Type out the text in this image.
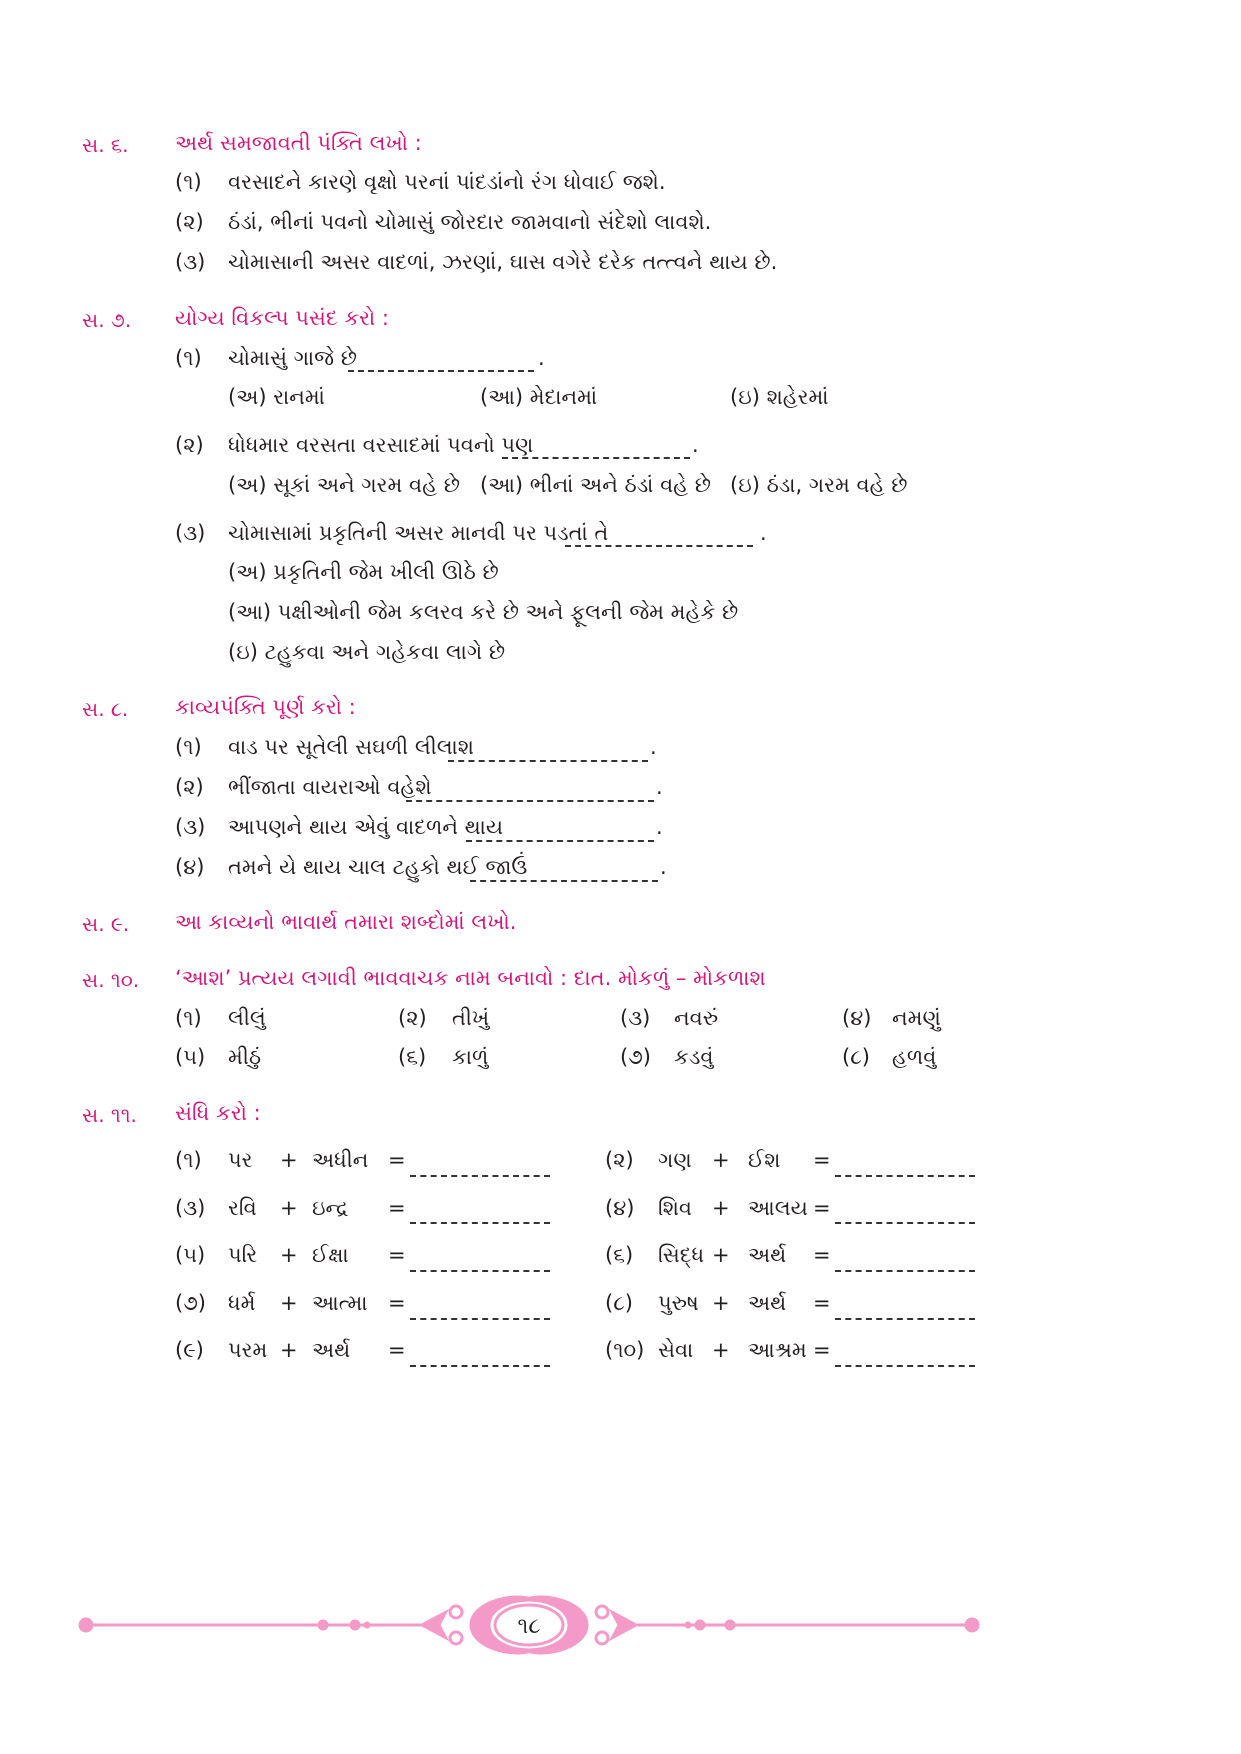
સ. ૬. અર્થ સમજાવતી પંક્તિ લખો :
(૧) વરસાદને કારણે વૃક્ષો પરનાં પાંદડાંનો રંગ ધોવાઈ જશે.
(૨) ઠંડાં, ભીનાં પવનો ચોમાસું જોરદાર જામવાનો સંદેશો લાવશે.
(૩) ચોમાસાની અસર વાદળાં, ઝરણાં, ઘાસ વગેરે દરેક તત્ત્વને થાય છે.
સ. ૭. યોગ્ય વિકલ્પ પસંદ કરો :
(૧) ચોમાસું ગાજે છે	.
(અ) રાનમાં	(આ) મેદાનમાં	(ઇ) શહેરમાં
(૨) ધોધમાર વરસતા વરસાદમાં પવનો પણ	.
(અ) સૂકાં અને ગરમ વહે છે (આ) ભીનાં અને ઠંડાં વહે છે (ઇ) ઠંડા, ગરમ વહે છે
(૩) ચોમાસામાં પ્રકૃતિની અસર માનવી પર પડતાં તે	.
(અ) પ્રકૃતિની જેમ ખીલી ઊઠે છે
(આ) પક્ષીઓની જેમ કલરવ કરે છે અને ફૂલની જેમ મહેકે છે
(ઇ) ટહુકવા અને ગહેકવા લાગે છે
સ. ૮. કાવ્યપંક્તિ પૂર્ણ કરો :
(૧) વાડ પર સૂતેલી સઘળી લીલાશ	.
(૨) ભીંજાતા વાયરાઓ વહેશે	.
(૩) આપણને થાય એવું વાદળને થાય	.
(૪) તમને યે થાય ચાલ ટહુકો થઈ જાઉં	.
સ. ૯. આ કાવ્યનો ભાવાર્થ તમારા શબ્દોમાં લખો.
સ. ૧૦. ‘આશ’ પ્રત્યય લગાવી ભાવવાચક નામ બનાવો : દાત. મોકળું – મોકળાશ
(૧) લીલું	(૨) તીખું	(૩) નવરું	(૪) નમણું
(૫) મીઠું	(૬) કાળું	(૭) કડવું	(૮) હળવું
સ. ૧૧. સંધિ કરો :
(૧) પર + અધીન =	(૨) ગણ + ઈશ =
(૩) રવિ + ઇન્દ્ર =	(૪) શિવ + આલય =
(૫) પરિ + ઈક્ષા =	(૬) સિદ્ધ + અર્થ =
(૭) ધર્મ + આત્મા =	(૮) પુરુષ + અર્થ =
(૯) પરમ + અર્થ =	(૧૦) સેવા + આશ્રમ =
૧૮
